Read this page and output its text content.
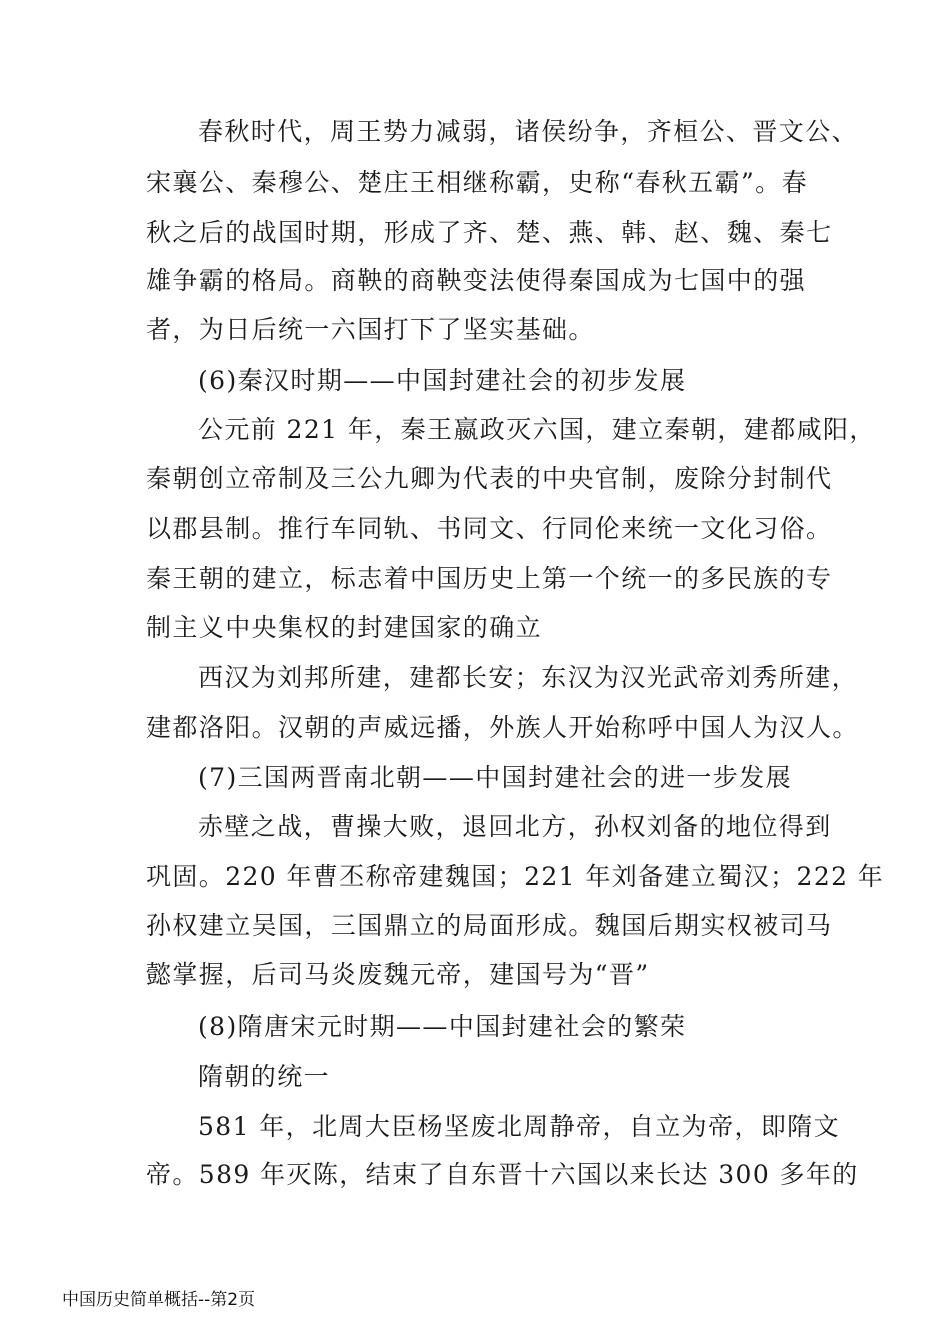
春秋时代，周王势力减弱，诸侯纷争，齐桓公、晋文公、
宋襄公、秦穆公、楚庄王相继称霸，史称“春秋五霸”。春
秋之后的战国时期，形成了齐、楚、燕、韩、赵、魏、秦七
雄争霸的格局。商鞅的商鞅变法使得秦国成为七国中的强
者，为日后统一六国打下了坚实基础。
(6)秦汉时期——中国封建社会的初步发展
公元前 221 年，秦王嬴政灭六国，建立秦朝，建都咸阳，
秦朝创立帝制及三公九卿为代表的中央官制，废除分封制代
以郡县制。推行车同轨、书同文、行同伦来统一文化习俗。
秦王朝的建立，标志着中国历史上第一个统一的多民族的专
制主义中央集权的封建国家的确立
西汉为刘邦所建，建都长安；东汉为汉光武帝刘秀所建，
建都洛阳。汉朝的声威远播，外族人开始称呼中国人为汉人。
(7)三国两晋南北朝——中国封建社会的进一步发展
赤壁之战，曹操大败，退回北方，孙权刘备的地位得到
巩固。220 年曹丕称帝建魏国；221 年刘备建立蜀汉；222 年
孙权建立吴国，三国鼎立的局面形成。魏国后期实权被司马
懿掌握，后司马炎废魏元帝，建国号为“晋”
(8)隋唐宋元时期——中国封建社会的繁荣
隋朝的统一
581 年，北周大臣杨坚废北周静帝，自立为帝，即隋文
帝。589 年灭陈，结束了自东晋十六国以来长达 300 多年的
中国历史简单概括--第2页
